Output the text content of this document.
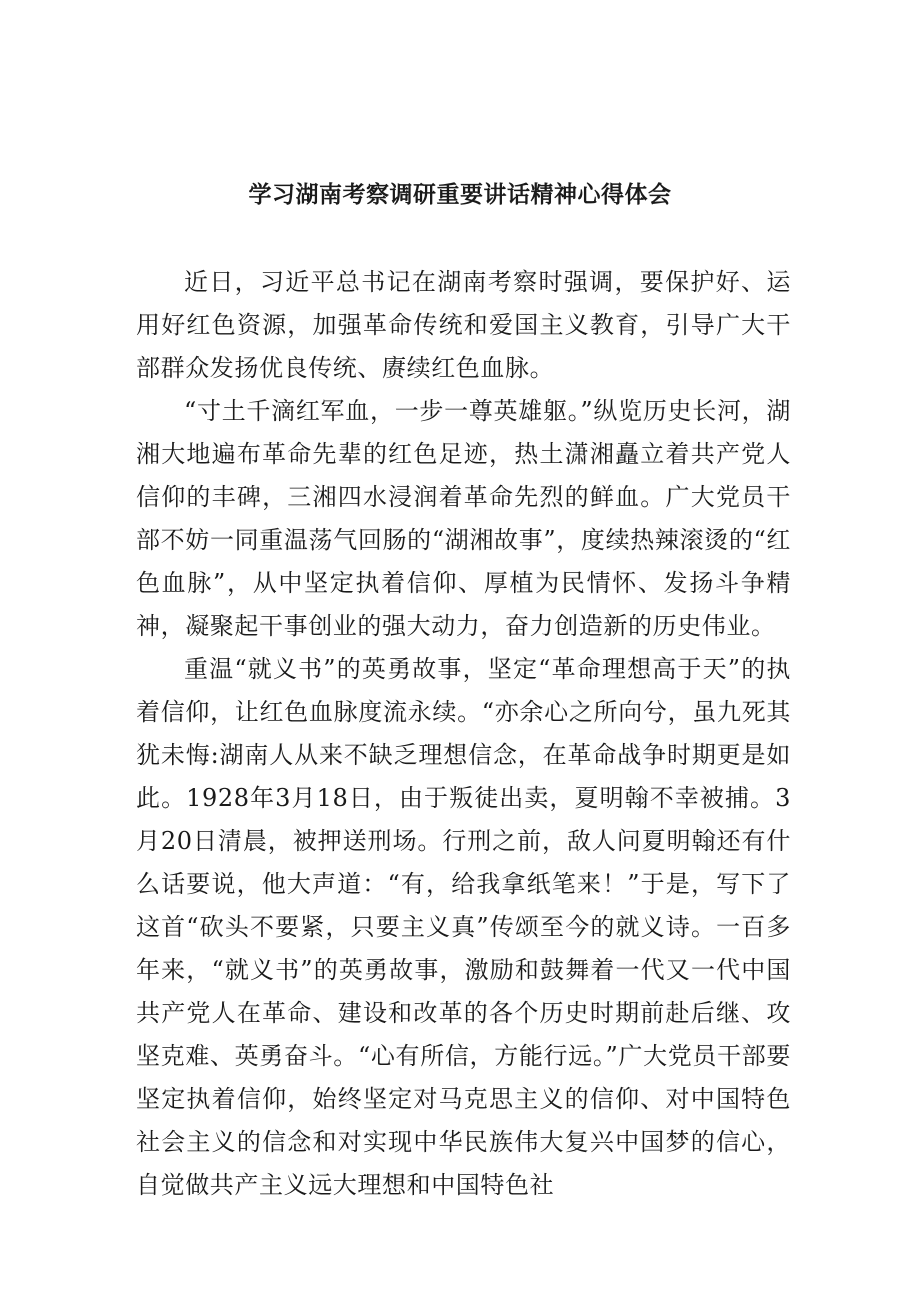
学习湖南考察调研重要讲话精神心得体会

近日，习近平总书记在湖南考察时强调，要保护好、运用好红色资源，加强革命传统和爱国主义教育，引导广大干部群众发扬优良传统、赓续红色血脉。

“寸土千滴红军血，一步一尊英雄躯。”纵览历史长河，湖湘大地遍布革命先辈的红色足迹，热土潇湘矗立着共产党人信仰的丰碑，三湘四水浸润着革命先烈的鲜血。广大党员干部不妨一同重温荡气回肠的“湖湘故事”，度续热辣滚烫的“红色血脉”，从中坚定执着信仰、厚植为民情怀、发扬斗争精神，凝聚起干事创业的强大动力，奋力创造新的历史伟业。

重温“就义书”的英勇故事，坚定“革命理想高于天”的执着信仰，让红色血脉度流永续。“亦余心之所向兮，虽九死其犹未悔:湖南人从来不缺乏理想信念，在革命战争时期更是如此。1928年3月18日，由于叛徒出卖，夏明翰不幸被捕。3月20日清晨，被押送刑场。行刑之前，敌人问夏明翰还有什么话要说，他大声道：“有，给我拿纸笔来！”于是，写下了这首“砍头不要紧，只要主义真”传颂至今的就义诗。一百多年来，“就义书”的英勇故事，激励和鼓舞着一代又一代中国共产党人在革命、建设和改革的各个历史时期前赴后继、攻坚克难、英勇奋斗。“心有所信，方能行远。”广大党员干部要坚定执着信仰，始终坚定对马克思主义的信仰、对中国特色社会主义的信念和对实现中华民族伟大复兴中国梦的信心，自觉做共产主义远大理想和中国特色社
